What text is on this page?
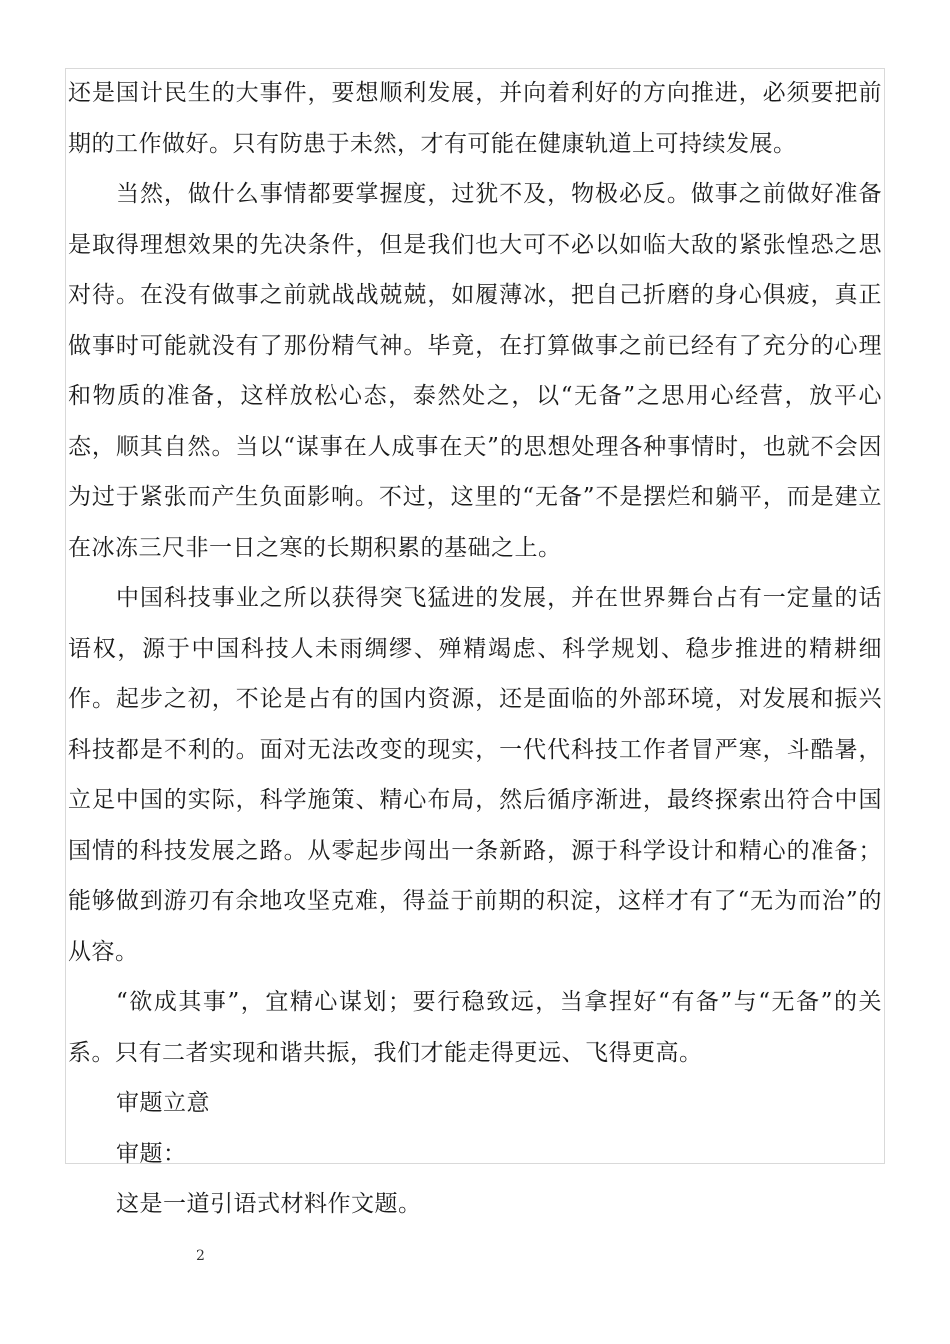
还是国计民生的大事件，要想顺利发展，并向着利好的方向推进，必须要把前期的工作做好。只有防患于未然，才有可能在健康轨道上可持续发展。

当然，做什么事情都要掌握度，过犹不及，物极必反。做事之前做好准备是取得理想效果的先决条件，但是我们也大可不必以如临大敌的紧张惶恐之思对待。在没有做事之前就战战兢兢，如履薄冰，把自己折磨的身心俱疲，真正做事时可能就没有了那份精气神。毕竟，在打算做事之前已经有了充分的心理和物质的准备，这样放松心态，泰然处之，以“无备”之思用心经营，放平心态，顺其自然。当以“谋事在人成事在天”的思想处理各种事情时，也就不会因为过于紧张而产生负面影响。不过，这里的“无备”不是摆烂和躺平，而是建立在冰冻三尺非一日之寒的长期积累的基础之上。

中国科技事业之所以获得突飞猛进的发展，并在世界舞台占有一定量的话语权，源于中国科技人未雨绸缪、殚精竭虑、科学规划、稳步推进的精耕细作。起步之初，不论是占有的国内资源，还是面临的外部环境，对发展和振兴科技都是不利的。面对无法改变的现实，一代代科技工作者冒严寒，斗酷暑，立足中国的实际，科学施策、精心布局，然后循序渐进，最终探索出符合中国国情的科技发展之路。从零起步闯出一条新路，源于科学设计和精心的准备；能够做到游刃有余地攻坚克难，得益于前期的积淀，这样才有了“无为而治”的从容。

“欲成其事”，宜精心谋划；要行稳致远，当拿捏好“有备”与“无备”的关系。只有二者实现和谐共振，我们才能走得更远、飞得更高。

审题立意

审题：

这是一道引语式材料作文题。

2
